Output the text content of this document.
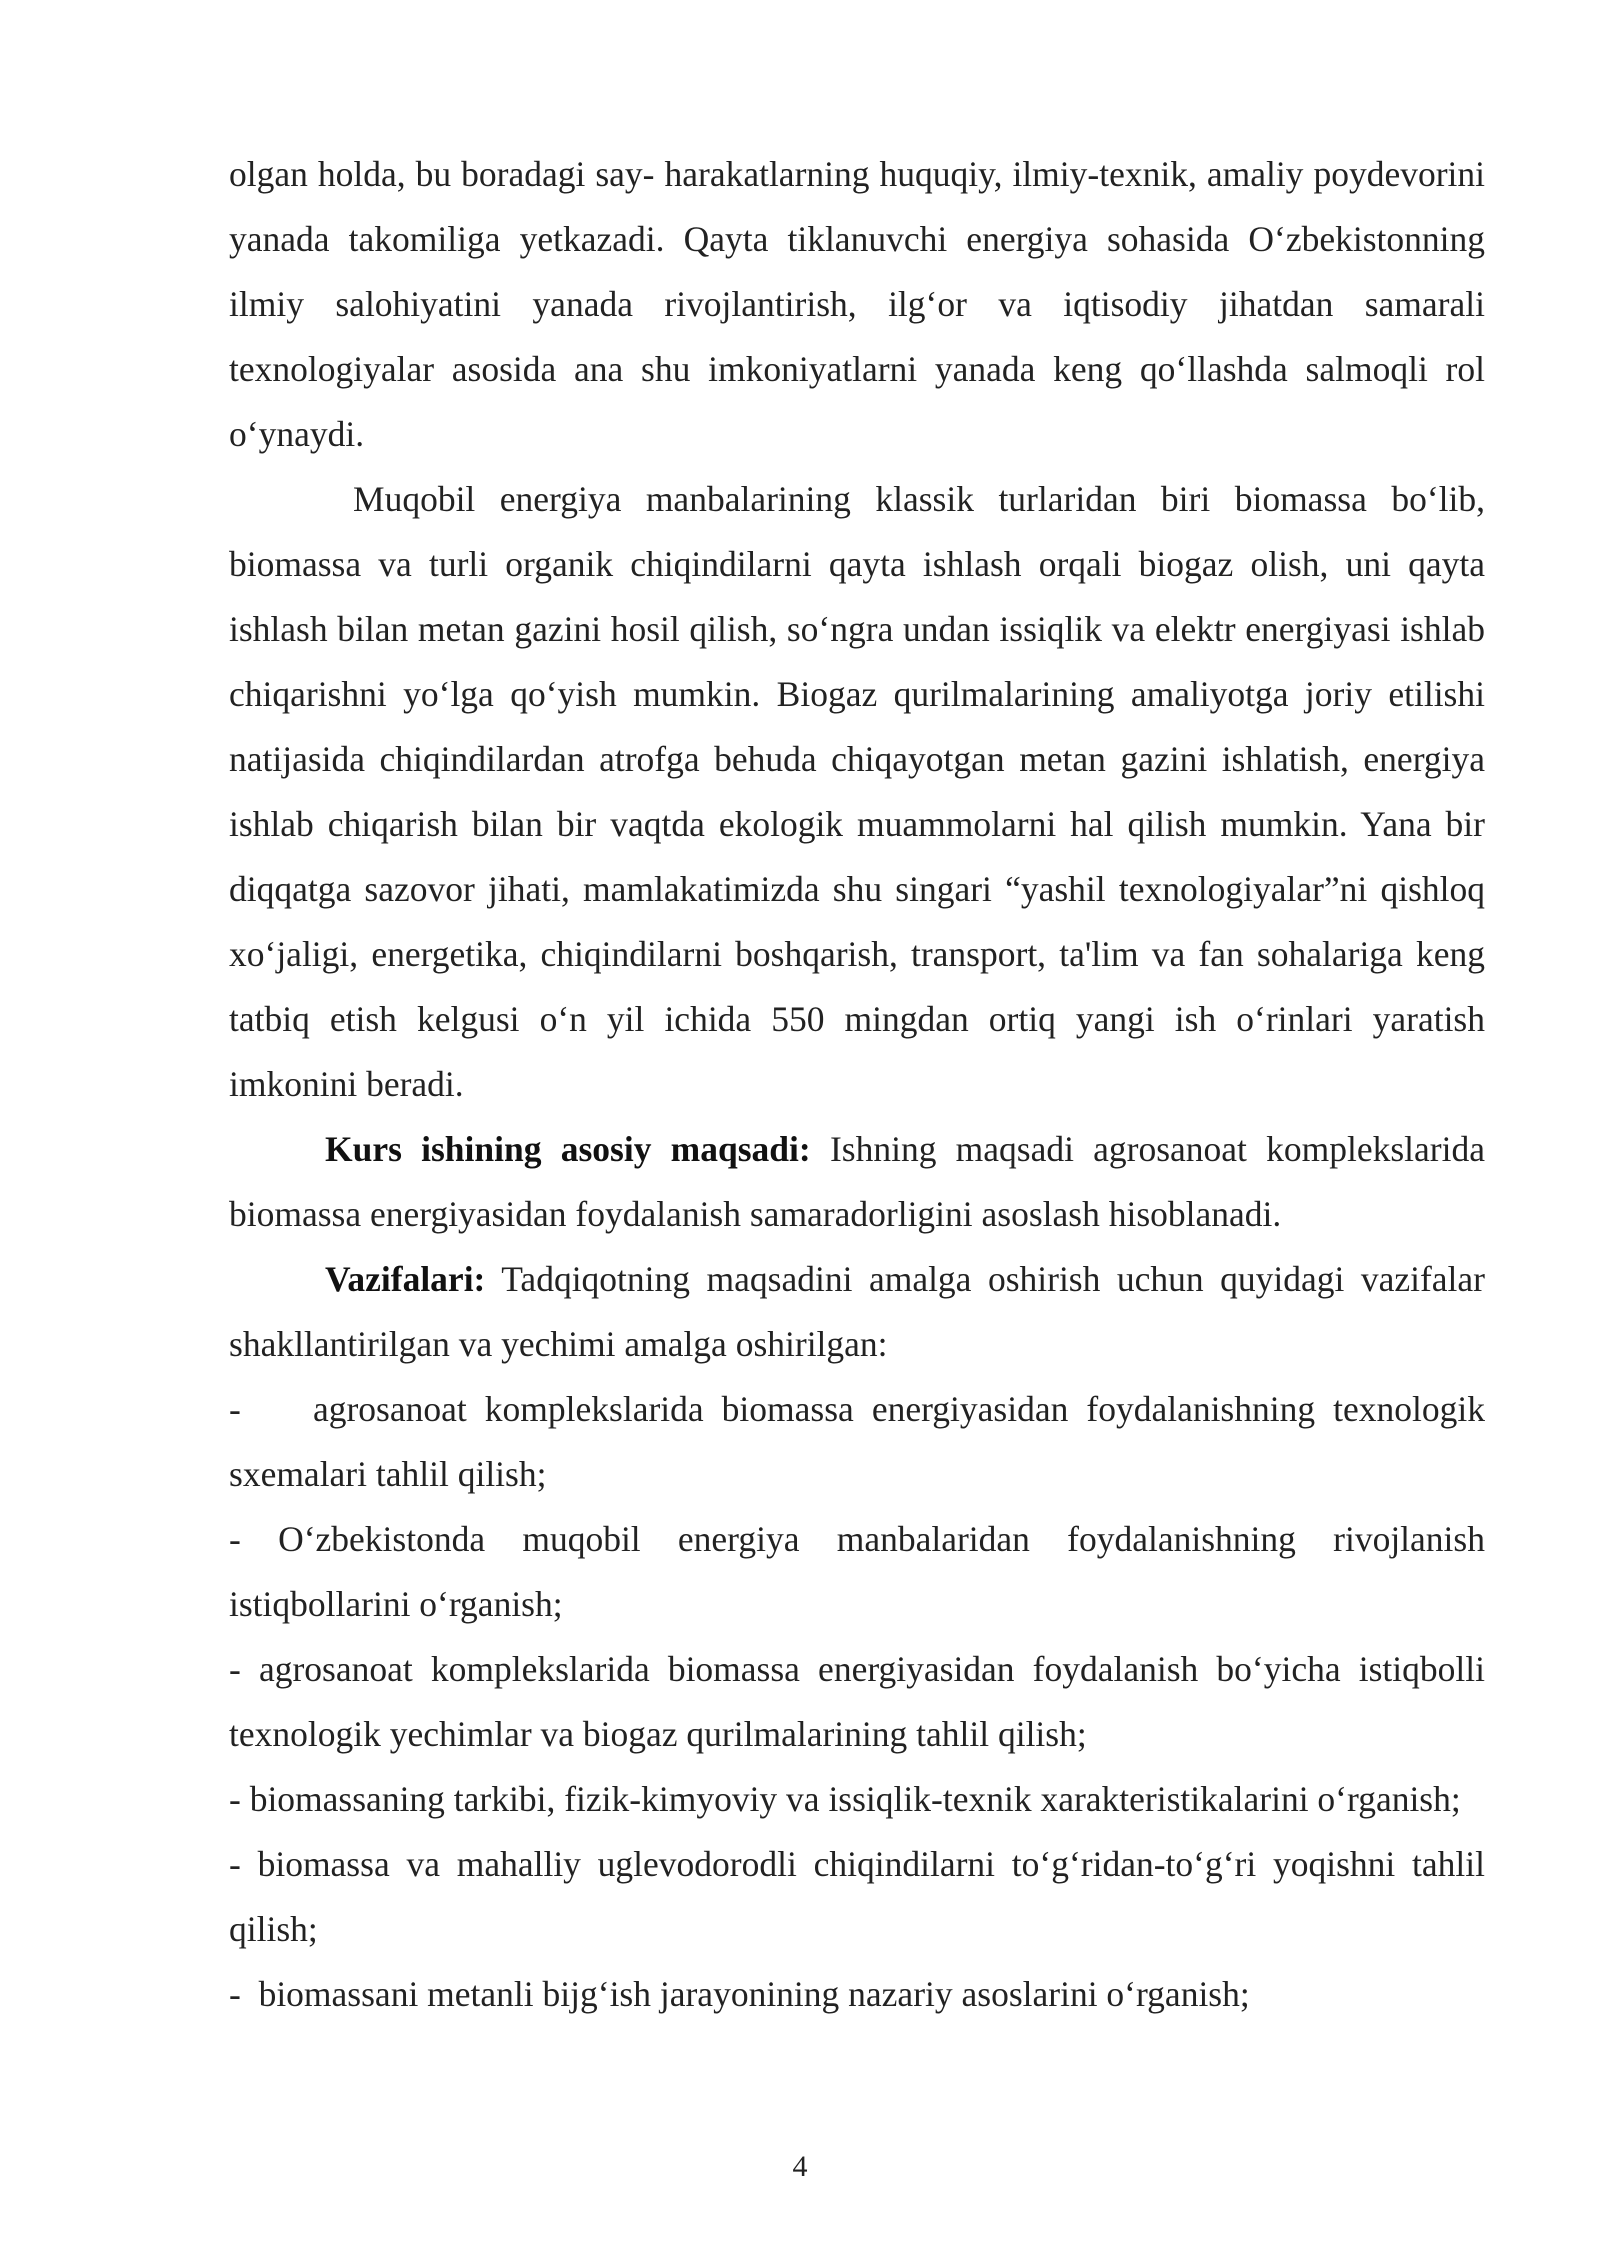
olgan holda, bu boradagi say- harakatlarning huquqiy, ilmiy-texnik, amaliy poydevorini yanada takomiliga yetkazadi. Qayta tiklanuvchi energiya sohasida O‘zbekistonning ilmiy salohiyatini yanada rivojlantirish, ilg‘or va iqtisodiy jihatdan samarali texnologiyalar asosida ana shu imkoniyatlarni yanada keng qo‘llashda salmoqli rol o‘ynaydi.

Muqobil energiya manbalarining klassik turlaridan biri biomassa bo‘lib, biomassa va turli organik chiqindilarni qayta ishlash orqali biogaz olish, uni qayta ishlash bilan metan gazini hosil qilish, so‘ngra undan issiqlik va elektr energiyasi ishlab chiqarishni yo‘lga qo‘yish mumkin. Biogaz qurilmalarining amaliyotga joriy etilishi natijasida chiqindilardan atrofga behuda chiqayotgan metan gazini ishlatish, energiya ishlab chiqarish bilan bir vaqtda ekologik muammolarni hal qilish mumkin. Yana bir diqqatga sazovor jihati, mamlakatimizda shu singari “yashil texnologiyalar”ni qishloq xo‘jaligi, energetika, chiqindilarni boshqarish, transport, ta'lim va fan sohalariga keng tatbiq etish kelgusi o‘n yil ichida 550 mingdan ortiq yangi ish o‘rinlari yaratish imkonini beradi.

Kurs ishining asosiy maqsadi: Ishning maqsadi agrosanoat komplekslarida biomassa energiyasidan foydalanish samaradorligini asoslash hisoblanadi.

Vazifalari: Tadqiqotning maqsadini amalga oshirish uchun quyidagi vazifalar shakllantirilgan va yechimi amalga oshirilgan:

-    agrosanoat komplekslarida biomassa energiyasidan foydalanishning texnologik sxemalari tahlil qilish;

- O‘zbekistonda muqobil energiya manbalaridan foydalanishning rivojlanish istiqbollarini o‘rganish;

- agrosanoat komplekslarida biomassa energiyasidan foydalanish bo‘yicha istiqbolli texnologik yechimlar va biogaz qurilmalarining tahlil qilish;

- biomassaning tarkibi, fizik-kimyoviy va issiqlik-texnik xarakteristikalarini o‘rganish;

- biomassa va mahalliy uglevodorodli chiqindilarni to‘g‘ridan-to‘g‘ri yoqishni tahlil qilish;

-  biomassani metanli bijg‘ish jarayonining nazariy asoslarini o‘rganish;

4
